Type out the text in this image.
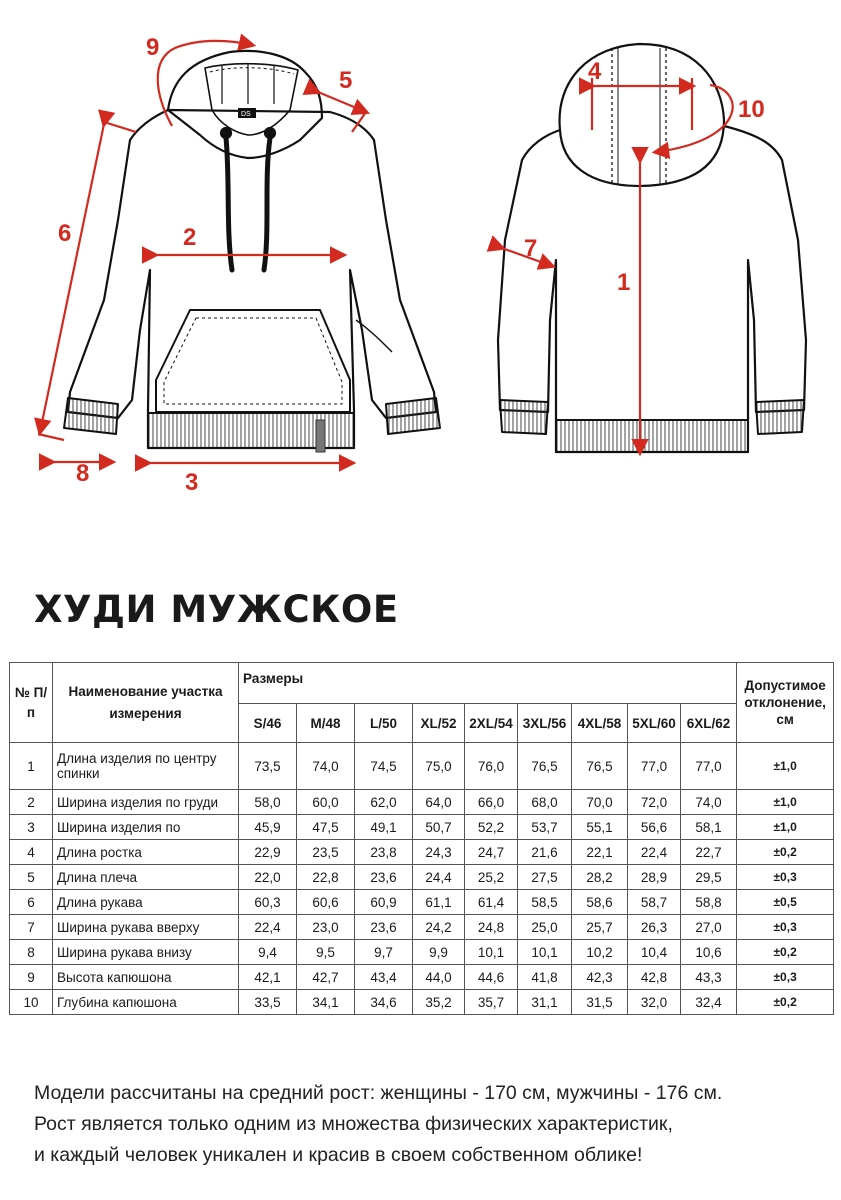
DS
2
3
6
8
5
9
4
10
1
7
ХУДИ МУЖСКОЕ
№ П/п	Наименование участка измерения	Размеры									Допустимое отклонение, см
		S/46	M/48	L/50	XL/52	2XL/54	3XL/56	4XL/58	5XL/60	6XL/62	
1	Длина изделия по центру спинки	73,5	74,0	74,5	75,0	76,0	76,5	76,5	77,0	77,0	±1,0
2	Ширина изделия по груди	58,0	60,0	62,0	64,0	66,0	68,0	70,0	72,0	74,0	±1,0
3	Ширина изделия по	45,9	47,5	49,1	50,7	52,2	53,7	55,1	56,6	58,1	±1,0
4	Длина ростка	22,9	23,5	23,8	24,3	24,7	21,6	22,1	22,4	22,7	±0,2
5	Длина плеча	22,0	22,8	23,6	24,4	25,2	27,5	28,2	28,9	29,5	±0,3
6	Длина рукава	60,3	60,6	60,9	61,1	61,4	58,5	58,6	58,7	58,8	±0,5
7	Ширина рукава вверху	22,4	23,0	23,6	24,2	24,8	25,0	25,7	26,3	27,0	±0,3
8	Ширина рукава внизу	9,4	9,5	9,7	9,9	10,1	10,1	10,2	10,4	10,6	±0,2
9	Высота капюшона	42,1	42,7	43,4	44,0	44,6	41,8	42,3	42,8	43,3	±0,3
10	Глубина капюшона	33,5	34,1	34,6	35,2	35,7	31,1	31,5	32,0	32,4	±0,2
Модели рассчитаны на средний рост: женщины - 170 см, мужчины - 176 см.
Рост является только одним из множества физических характеристик,
и каждый человек уникален и красив в своем собственном облике!
